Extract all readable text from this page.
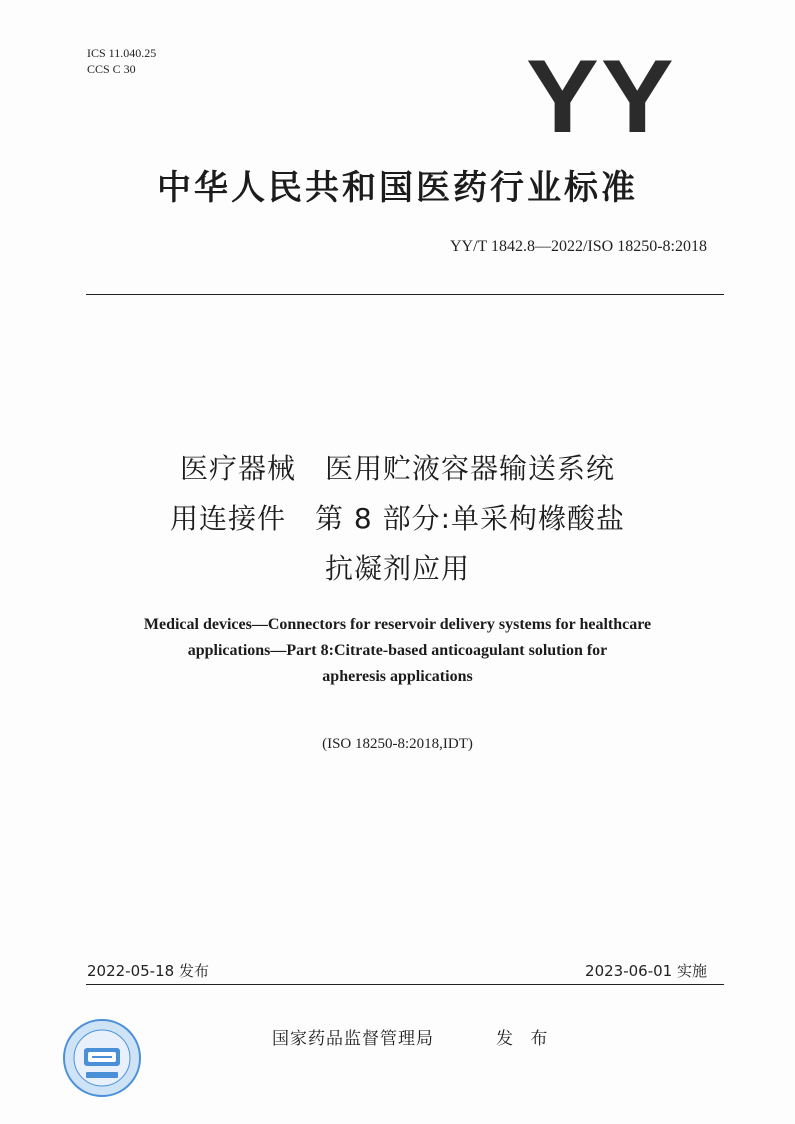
ICS 11.040.25
CCS C 30	YY
中华人民共和国医药行业标准
YY/T 1842.8—2022/ISO 18250-8:2018
医疗器械　医用贮液容器输送系统
用连接件　第 8 部分:单采枸橼酸盐
抗凝剂应用
Medical devices—Connectors for reservoir delivery systems for healthcare
applications—Part 8:Citrate-based anticoagulant solution for
apheresis applications
(ISO 18250-8:2018,IDT)
2022-05-18 发布	2023-06-01 实施
国家药品监督管理局	发 布
